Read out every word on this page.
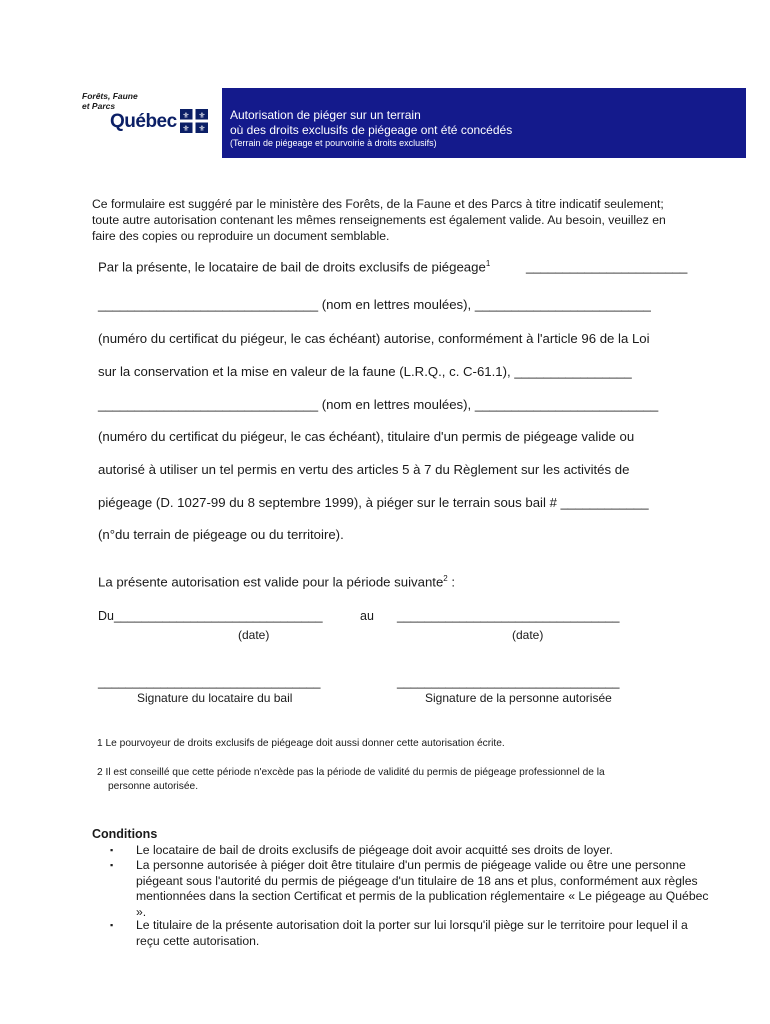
Forêts, Faune et Parcs
Québec ⚜ ⚜
⚜ ⚜
Autorisation de piéger sur un terrain
où des droits exclusifs de piégeage ont été concédés
(Terrain de piégeage et pourvoirie à droits exclusifs)
Ce formulaire est suggéré par le ministère des Forêts, de la Faune et des Parcs à titre indicatif seulement; toute autre autorisation contenant les mêmes renseignements est également valide. Au besoin, veuillez en faire des copies ou reproduire un document semblable.
Par la présente, le locataire de bail de droits exclusifs de piégeage$^1$	______________________
______________________________ (nom en lettres moulées), ________________________
(numéro du certificat du piégeur, le cas échéant) autorise, conformément à l'article 96 de la Loi
sur la conservation et la mise en valeur de la faune (L.R.Q., c. C-61.1), ________________
______________________________ (nom en lettres moulées), _________________________
(numéro du certificat du piégeur, le cas échéant), titulaire d'un permis de piégeage valide ou
autorisé à utiliser un tel permis en vertu des articles 5 à 7 du Règlement sur les activités de
piégeage (D. 1027-99 du 8 septembre 1999), à piéger sur le terrain sous bail # ____________
(n°du terrain de piégeage ou du territoire).
La présente autorisation est valide pour la période suivante$^2$ :
Du______________________________	au ________________________________
(date)	(date)
________________________________	________________________________
Signature du locataire du bail	Signature de la personne autorisée
1 Le pourvoyeur de droits exclusifs de piégeage doit aussi donner cette autorisation écrite.
2 Il est conseillé que cette période n'excède pas la période de validité du permis de piégeage professionnel de la
personne autorisée.
Conditions
▪ Le locataire de bail de droits exclusifs de piégeage doit avoir acquitté ses droits de loyer.
▪ La personne autorisée à piéger doit être titulaire d'un permis de piégeage valide ou être une personne piégeant sous l'autorité du permis de piégeage d'un titulaire de 18 ans et plus, conformément aux règles mentionnées dans la section Certificat et permis de la publication réglementaire « Le piégeage au Québec ».
▪ Le titulaire de la présente autorisation doit la porter sur lui lorsqu'il piège sur le territoire pour lequel il a reçu cette autorisation.
